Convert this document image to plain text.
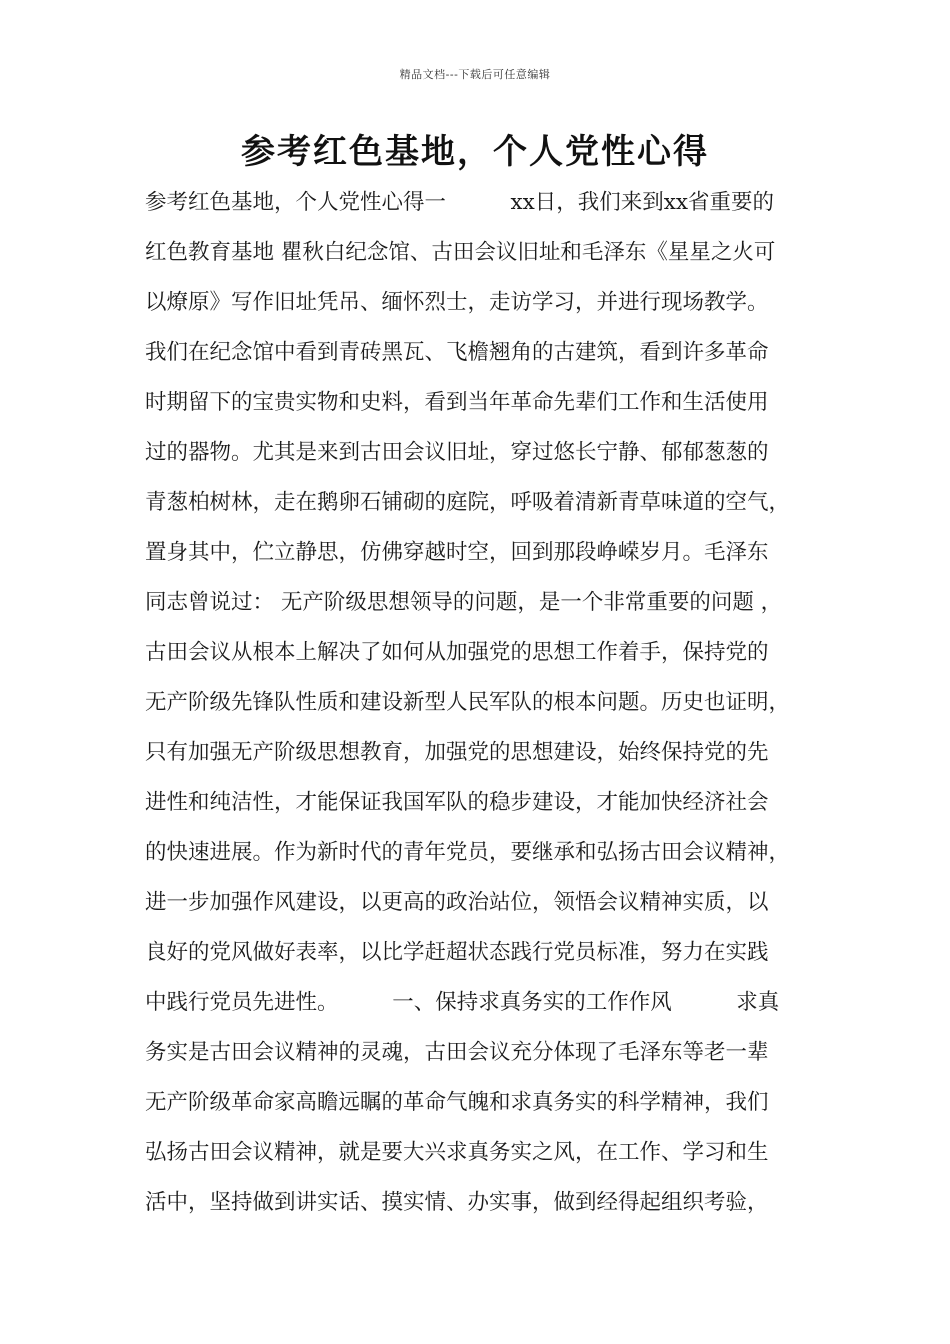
精品文档---下载后可任意编辑
参考红色基地，个人党性心得
参考红色基地，个人党性心得一　　　xx日，我们来到xx省重要的
红色教育基地 瞿秋白纪念馆、古田会议旧址和毛泽东《星星之火可
以燎原》写作旧址凭吊、缅怀烈士，走访学习，并进行现场教学。
我们在纪念馆中看到青砖黑瓦、飞檐翘角的古建筑，看到许多革命
时期留下的宝贵实物和史料，看到当年革命先辈们工作和生活使用
过的器物。尤其是来到古田会议旧址，穿过悠长宁静、郁郁葱葱的
青葱柏树林，走在鹅卵石铺砌的庭院，呼吸着清新青草味道的空气，
置身其中，伫立静思，仿佛穿越时空，回到那段峥嵘岁月。毛泽东
同志曾说过： 无产阶级思想领导的问题，是一个非常重要的问题 ，
古田会议从根本上解决了如何从加强党的思想工作着手，保持党的
无产阶级先锋队性质和建设新型人民军队的根本问题。历史也证明，
只有加强无产阶级思想教育，加强党的思想建设，始终保持党的先
进性和纯洁性，才能保证我国军队的稳步建设，才能加快经济社会
的快速进展。作为新时代的青年党员，要继承和弘扬古田会议精神，
进一步加强作风建设，以更高的政治站位，领悟会议精神实质，以
良好的党风做好表率，以比学赶超状态践行党员标准，努力在实践
中践行党员先进性。　　　一、保持求真务实的工作作风　　　求真
务实是古田会议精神的灵魂，古田会议充分体现了毛泽东等老一辈
无产阶级革命家高瞻远瞩的革命气魄和求真务实的科学精神，我们
弘扬古田会议精神，就是要大兴求真务实之风，在工作、学习和生
活中，坚持做到讲实话、摸实情、办实事，做到经得起组织考验，
